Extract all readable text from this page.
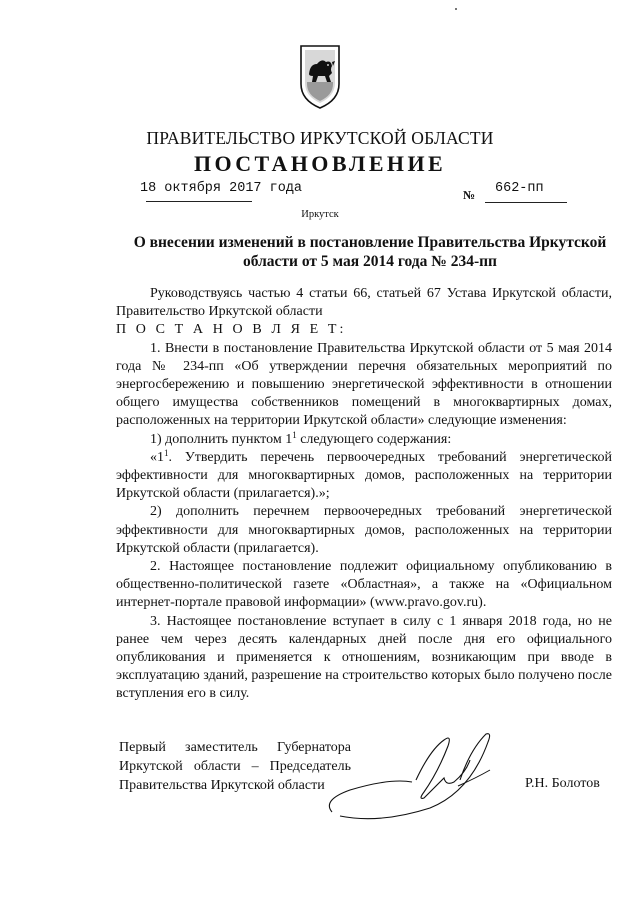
ПРАВИТЕЛЬСТВО ИРКУТСКОЙ ОБЛАСТИ
ПОСТАНОВЛЕНИЕ
18 октября 2017 года	№ 662-пп
Иркутск
О внесении изменений в постановление Правительства Иркутской области от 5 мая 2014 года № 234-пп

Руководствуясь частью 4 статьи 66, статьей 67 Устава Иркутской области, Правительство Иркутской области

П О С Т А Н О В Л Я Е Т:

1. Внести в постановление Правительства Иркутской области от 5 мая 2014 года № 234-пп «Об утверждении перечня обязательных мероприятий по энергосбережению и повышению энергетической эффективности в отношении общего имущества собственников помещений в многоквартирных домах, расположенных на территории Иркутской области» следующие изменения:

1) дополнить пунктом $1^1$ следующего содержания:

«$1^1$. Утвердить перечень первоочередных требований энергетической эффективности для многоквартирных домов, расположенных на территории Иркутской области (прилагается).»;

2) дополнить перечнем первоочередных требований энергетической эффективности для многоквартирных домов, расположенных на территории Иркутской области (прилагается).

2. Настоящее постановление подлежит официальному опубликованию в общественно-политической газете «Областная», а также на «Официальном интернет-портале правовой информации» (www.pravo.gov.ru).

3. Настоящее постановление вступает в силу с 1 января 2018 года, но не ранее чем через десять календарных дней после дня его официального опубликования и применяется к отношениям, возникающим при вводе в эксплуатацию зданий, разрешение на строительство которых было получено после вступления его в силу.

Первый заместитель Губернатора
Иркутской области – Председатель
Правительства Иркутской области	Р.Н. Болотов
